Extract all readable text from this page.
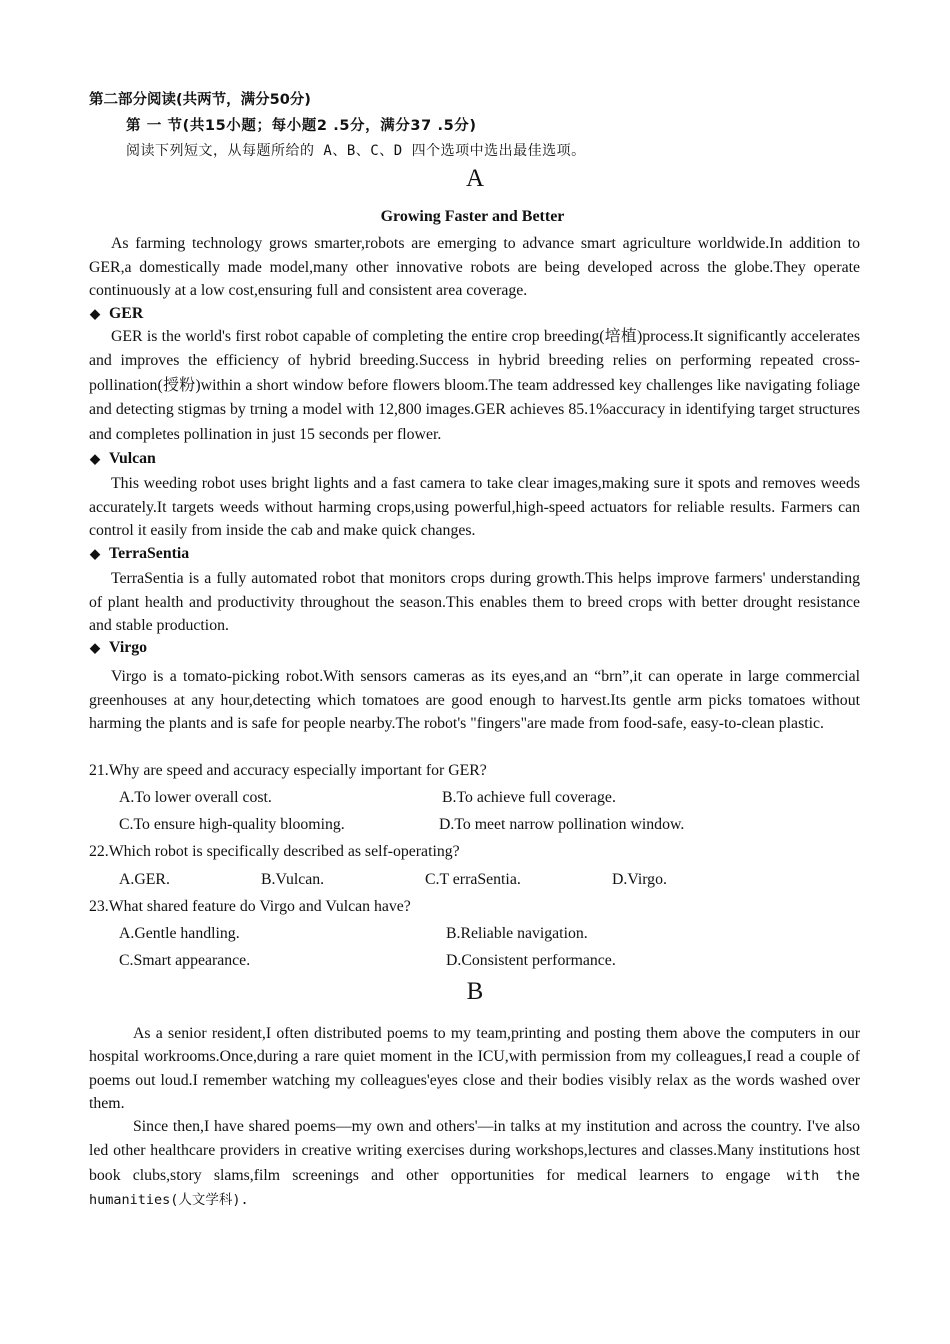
第二部分阅读(共两节，满分50分)
第 一 节(共15小题；每小题2 .5分，满分37 .5分)
阅读下列短文，从每题所给的 A、B、C、D 四个选项中选出最佳选项。
A
Growing Faster and Better
As farming technology grows smarter,robots are emerging to advance smart agriculture worldwide.In addition to GER,a domestically made model,many other innovative robots are being developed across the globe.They operate continuously at a low cost,ensuring full and consistent area coverage.
◆ GER
GER is the world's first robot capable of completing the entire crop breeding(培植)process.It significantly accelerates and improves the efficiency of hybrid breeding.Success in hybrid breeding relies on performing repeated cross-pollination(授粉)within a short window before flowers bloom.The team addressed key challenges like navigating foliage and detecting stigmas by trning a model with 12,800 images.GER achieves 85.1%accuracy in identifying target structures and completes pollination in just 15 seconds per flower.
◆ Vulcan
This weeding robot uses bright lights and a fast camera to take clear images,making sure it spots and removes weeds accurately.It targets weeds without harming crops,using powerful,high-speed actuators for reliable results. Farmers can control it easily from inside the cab and make quick changes.
◆ TerraSentia
TerraSentia is a fully automated robot that monitors crops during growth.This helps improve farmers' understanding of plant health and productivity throughout the season.This enables them to breed crops with better drought resistance and stable production.
◆ Virgo
Virgo is a tomato-picking robot.With sensors cameras as its eyes,and an “brn”,it can operate in large commercial greenhouses at any hour,detecting which tomatoes are good enough to harvest.Its gentle arm picks tomatoes without harming the plants and is safe for people nearby.The robot's "fingers"are made from food-safe, easy-to-clean plastic.
21.Why are speed and accuracy especially important for GER?
A.To lower overall cost.	B.To achieve full coverage.
C.To ensure high-quality blooming.	D.To meet narrow pollination window.
22.Which robot is specifically described as self-operating?
A.GER.	B.Vulcan.	C.T erraSentia.	D.Virgo.
23.What shared feature do Virgo and Vulcan have?
A.Gentle handling.	B.Reliable navigation.
C.Smart appearance.	D.Consistent performance.
B
As a senior resident,I often distributed poems to my team,printing and posting them above the computers in our hospital workrooms.Once,during a rare quiet moment in the ICU,with permission from my colleagues,I read a couple of poems out loud.I remember watching my colleagues'eyes close and their bodies visibly relax as the words washed over them.
Since then,I have shared poems—my own and others'—in talks at my institution and across the country. I've also led other healthcare providers in creative writing exercises during workshops,lectures and classes.Many institutions host book clubs,story slams,film screenings and other opportunities for medical learners to engage with the humanities(人文学科).
